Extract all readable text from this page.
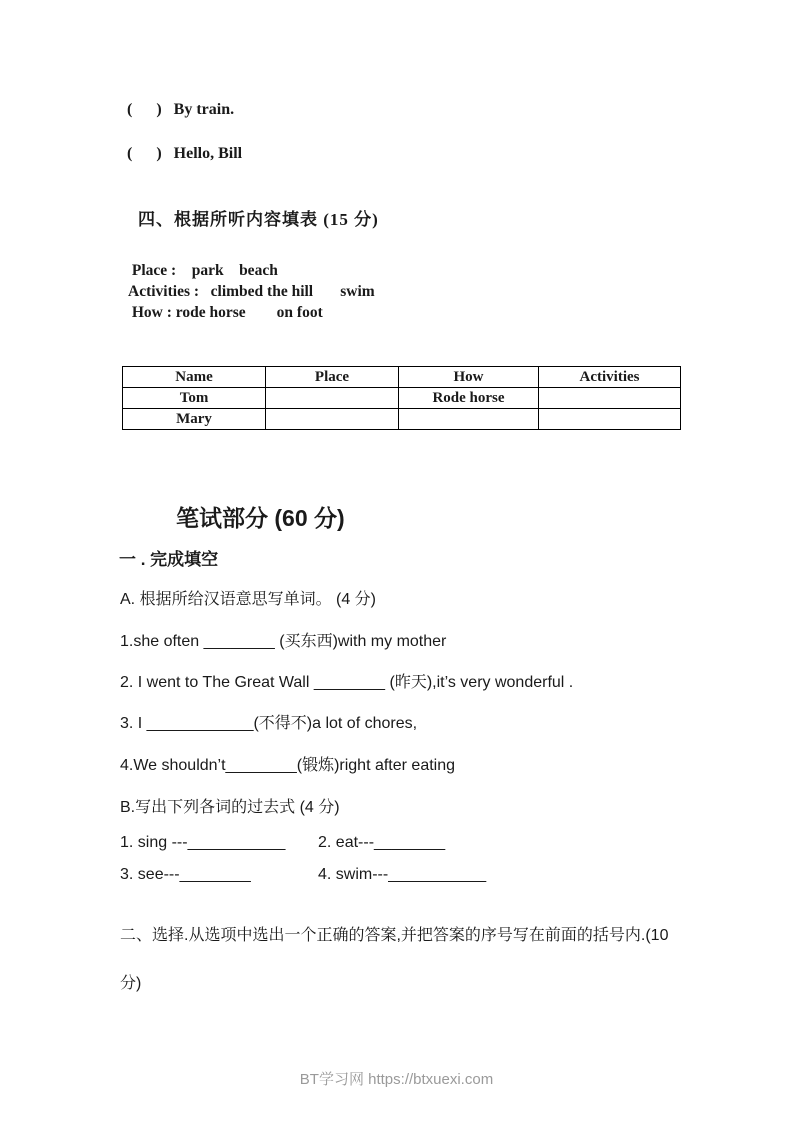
(      ) By train.
(      ) Hello, Bill
四、根据所听内容填表 (15 分)
Place :    park    beach
Activities :   climbed the hill       swim
How : rode horse        on foot
Name	Place	How	Activities
Tom		Rode horse	
Mary			
笔试部分 (60 分)
一 . 完成填空
A. 根据所给汉语意思写单词。 (4 分)
1.she often ________ (买东西)with my mother
2. I went to The Great Wall ________ (昨天),it’s very wonderful .
3. I ____________(不得不)a lot of chores,
4.We shouldn’t________(锻炼)right after eating
B.写出下列各词的过去式 (4 分)
1. sing ---___________ 2. eat---________
3. see---________	4. swim---___________
二、选择.从选项中选出一个正确的答案,并把答案的序号写在前面的括号内.(10分)
BT学习网 https://btxuexi.com
